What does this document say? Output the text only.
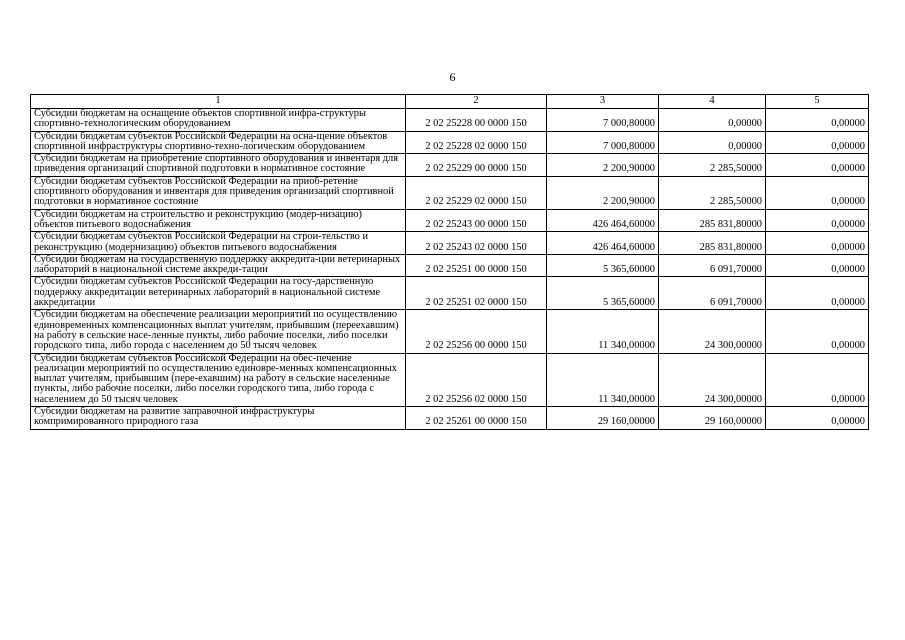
6
1	2	3	4	5
Субсидии бюджетам на оснащение объектов спортивной инфра-структуры спортивно-технологическим оборудованием	2 02 25228 00 0000 150	7 000,80000	0,00000	0,00000
Субсидии бюджетам субъектов Российской Федерации на осна-щение объектов спортивной инфраструктуры спортивно-техно-логическим оборудованием	2 02 25228 02 0000 150	7 000,80000	0,00000	0,00000
Субсидии бюджетам на приобретение спортивного оборудования и инвентаря для приведения организаций спортивной подготовки в нормативное состояние	2 02 25229 00 0000 150	2 200,90000	2 285,50000	0,00000
Субсидии бюджетам субъектов Российской Федерации на приоб-ретение спортивного оборудования и инвентаря для приведения организаций спортивной подготовки в нормативное состояние	2 02 25229 02 0000 150	2 200,90000	2 285,50000	0,00000
Субсидии бюджетам на строительство и реконструкцию (модер-низацию) объектов питьевого водоснабжения	2 02 25243 00 0000 150	426 464,60000	285 831,80000	0,00000
Субсидии бюджетам субъектов Российской Федерации на строи-тельство и реконструкцию (модернизацию) объектов питьевого водоснабжения	2 02 25243 02 0000 150	426 464,60000	285 831,80000	0,00000
Субсидии бюджетам на государственную поддержку аккредита-ции ветеринарных лабораторий в национальной системе аккреди-тации	2 02 25251 00 0000 150	5 365,60000	6 091,70000	0,00000
Субсидии бюджетам субъектов Российской Федерации на госу-дарственную поддержку аккредитации ветеринарных лабораторий в национальной системе аккредитации	2 02 25251 02 0000 150	5 365,60000	6 091,70000	0,00000
Субсидии бюджетам на обеспечение реализации мероприятий по осуществлению единовременных компенсационных выплат учителям, прибывшим (переехавшим) на работу в сельские насе-ленные пункты, либо рабочие поселки, либо поселки городского типа, либо города с населением до 50 тысяч человек	2 02 25256 00 0000 150	11 340,00000	24 300,00000	0,00000
Субсидии бюджетам субъектов Российской Федерации на обес-печение реализации мероприятий по осуществлению единовре-менных компенсационных выплат учителям, прибывшим (пере-ехавшим) на работу в сельские населенные пункты, либо рабочие поселки, либо поселки городского типа, либо города с населением до 50 тысяч человек	2 02 25256 02 0000 150	11 340,00000	24 300,00000	0,00000
Субсидии бюджетам на развитие заправочной инфраструктуры компримированного природного газа	2 02 25261 00 0000 150	29 160,00000	29 160,00000	0,00000
